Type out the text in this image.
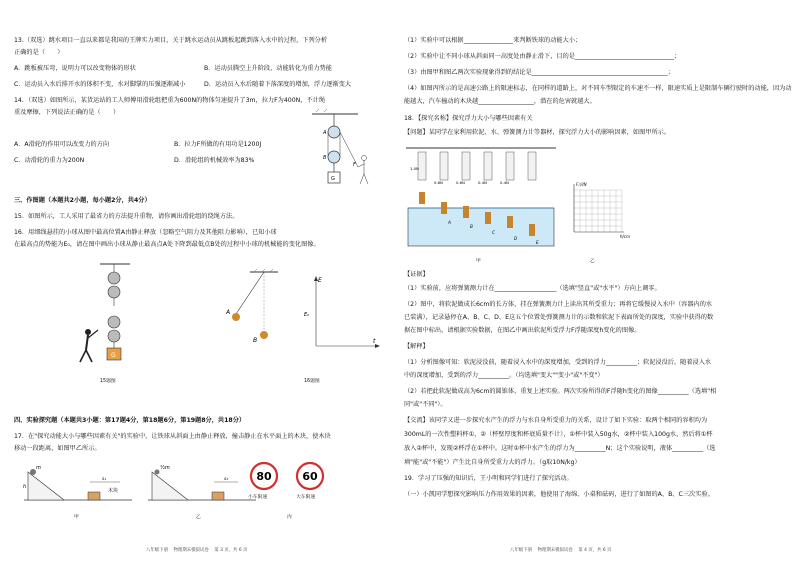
13.（双选）跳水项目一直以来都是我国的王牌实力项目，关于跳水运动员从跳板起跳到落入水中的过程，下列分析
正确的是（　　）
A．跳板被压弯，说明力可以改变物体的形状	B．运动员腾空上升阶段，动能转化为重力势能
C．运动员入水后排开水的体积不变，水对脚掌的压强逐渐减小	D．运动员入水后随着下落深度的增加，浮力逐渐变大
14．（双选）如图所示，某货运站的工人师傅用滑轮组把重为600N的物体匀速提升了3m，拉力F为400N，不计绳
重及摩擦，下列说法正确的是（　　）
A．A滑轮的作用可以改变力的方向	B．拉力F所做的有用功是1200J
C．动滑轮的重力为200N	D．滑轮组的机械效率为83%
A
B
G
F
三、作图题（本题共2小题，每小题2分，共4分）
15．如图所示，工人采用了最省力的方法提升重物，请你画出滑轮组的绕绳方法。
16．用细线悬挂的小球从图中最高位置A由静止释放（忽略空气阻力及其他阻力影响），已知小球
在最高点的势能为E₀，请在图中画出小球从静止最高点A处下降到最低点B处的过程中小球的机械能的变化图像。
G
15题图
A
B
E
E₀
t
16题图
四、实验探究题（本题共3小题：第17题4分，第18题6分，第19题8分，共18分）
17．在"探究动能大小与哪些因素有关"的实验中，让铁球从斜面上由静止释放，撞击静止在水平面上的木块，使木块
移动一段距离，如图甲乙所示。
m
h
s₁
木块
甲
½m
s₂
乙
80	60
小车限速	大车限速
丙
八年级下册 物理期末模拟试卷 第 3 页，共 6 页
（1）实验中可以根据________________来判断铁球的动能大小；
（2）实验中让不同小球从斜面同一高度处由静止滑下，目的是________________________________；
（3）由图甲和图乙两次实验现象得到的结论是____________________________________________；
（4）如图丙所示的是高速公路上的限速标志，在同样的道路上，对不同车型限定的车速不一样，限速实质上是限制车辆行驶时的动能，因为动
能越大，汽车撞动的木块越__________________，潜在的危害就越大。
18．【探究名称】探究浮力大小与哪些因素有关
【问题】某同学在家利用软泥、水、弹簧测力计等器材，探究浮力大小的影响因素，如图甲所示。
1.0N
0.8N	0.6N	0.4N	0.4N
A
B
C
D
E
甲
F浮/N
h/cm
乙
【证据】
（1）实验前，应将弹簧测力计在____________________（选填"竖直"或"水平"）方向上调零。
（2）图中，将软泥做成长6cm的长方体，挂在弹簧测力计上读出其所受重力；再将它缓慢浸入水中（容器内的水
已装满），记录悬停在A、B、C、D、E这五个位置处弹簧测力计的示数和软泥下表面所处的深度，实验中获得的数
据在图中标出，请根据实验数据，在图乙中画出软泥所受浮力F浮随深度h变化的图像。
【解释】
（1）分析图像可知：软泥浸没前，随着浸入水中的深度增加，受到的浮力__________；软泥浸没后，随着浸入水
中的深度增加，受到的浮力__________。（均选填"变大""变小"或"不变"）
（2）若把此软泥做成高为6cm的圆锥体，重复上述实验。两次实验所得的F浮随h变化的图像__________（选填"相
同"或"不同"）。
【交流】该同学又进一步探究水产生的浮力与水自身所受重力的关系，设计了如下实验：取两个相同的容积均为
300mL的一次性塑料杯①，②（杯壁厚度和杯底质量不计），①杯中装入50g水，②杯中装入100g水，然后将①杯
放入②杯中，发现②杯浮在①杯中。这时①杯中水产生的浮力为__________N；这个实验说明，液体__________（选
填"能"或"不能"）产生比自身所受重力大的浮力。（g取10N/kg）
19．学习了压强的知识后，王小明和同学们进行了探究活动。
（一）小凯同学想探究影响压力作用效果的因素，他使用了海绵、小桌和砝码，进行了如图的A、B、C三次实验。
八年级下册 物理期末模拟试卷 第 4 页，共 6 页
